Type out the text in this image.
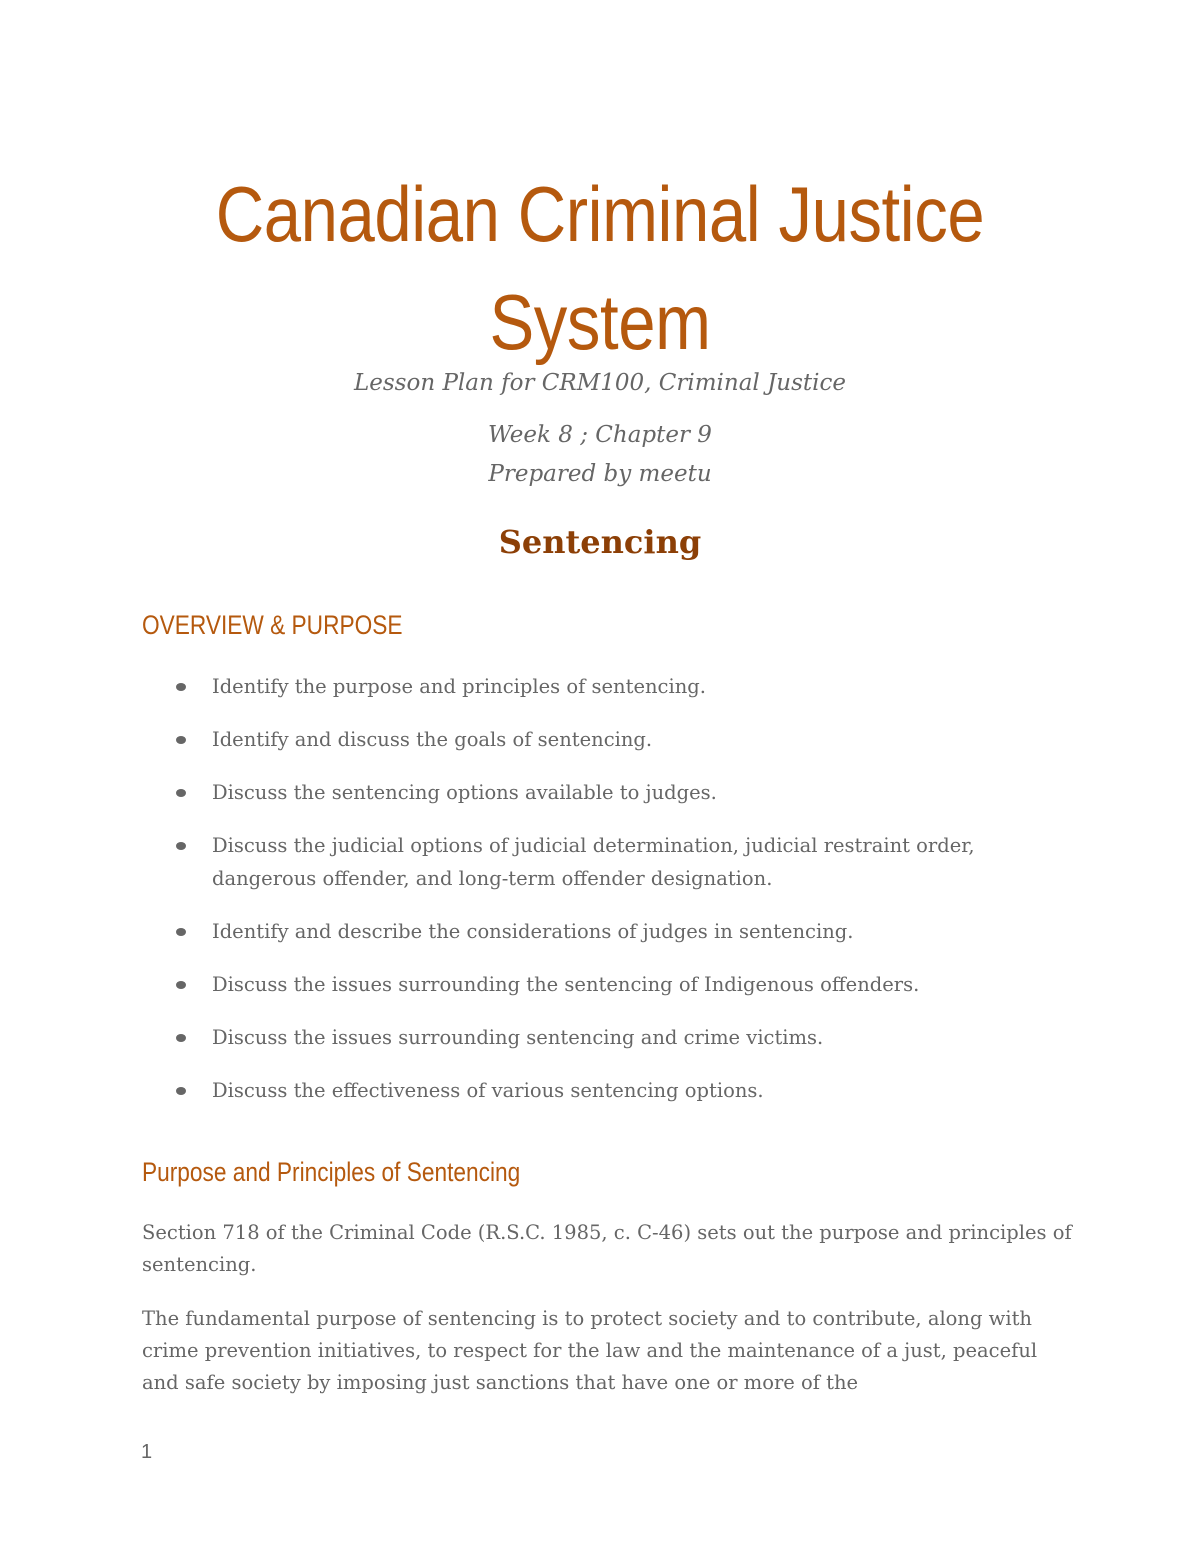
Canadian Criminal Justice System

Lesson Plan for CRM100, Criminal Justice

Week 8 ; Chapter 9

Prepared by meetu

Sentencing
OVERVIEW & PURPOSE
Identify the purpose and principles of sentencing.
Identify and discuss the goals of sentencing.
Discuss the sentencing options available to judges.
Discuss the judicial options of judicial determination, judicial restraint order, dangerous offender, and long-term offender designation.
Identify and describe the considerations of judges in sentencing.
Discuss the issues surrounding the sentencing of Indigenous offenders.
Discuss the issues surrounding sentencing and crime victims.
Discuss the effectiveness of various sentencing options.
Purpose and Principles of Sentencing

Section 718 of the Criminal Code (R.S.C. 1985, c. C-46) sets out the purpose and principles of sentencing.

The fundamental purpose of sentencing is to protect society and to contribute, along with crime prevention initiatives, to respect for the law and the maintenance of a just, peaceful and safe society by imposing just sanctions that have one or more of the

1
